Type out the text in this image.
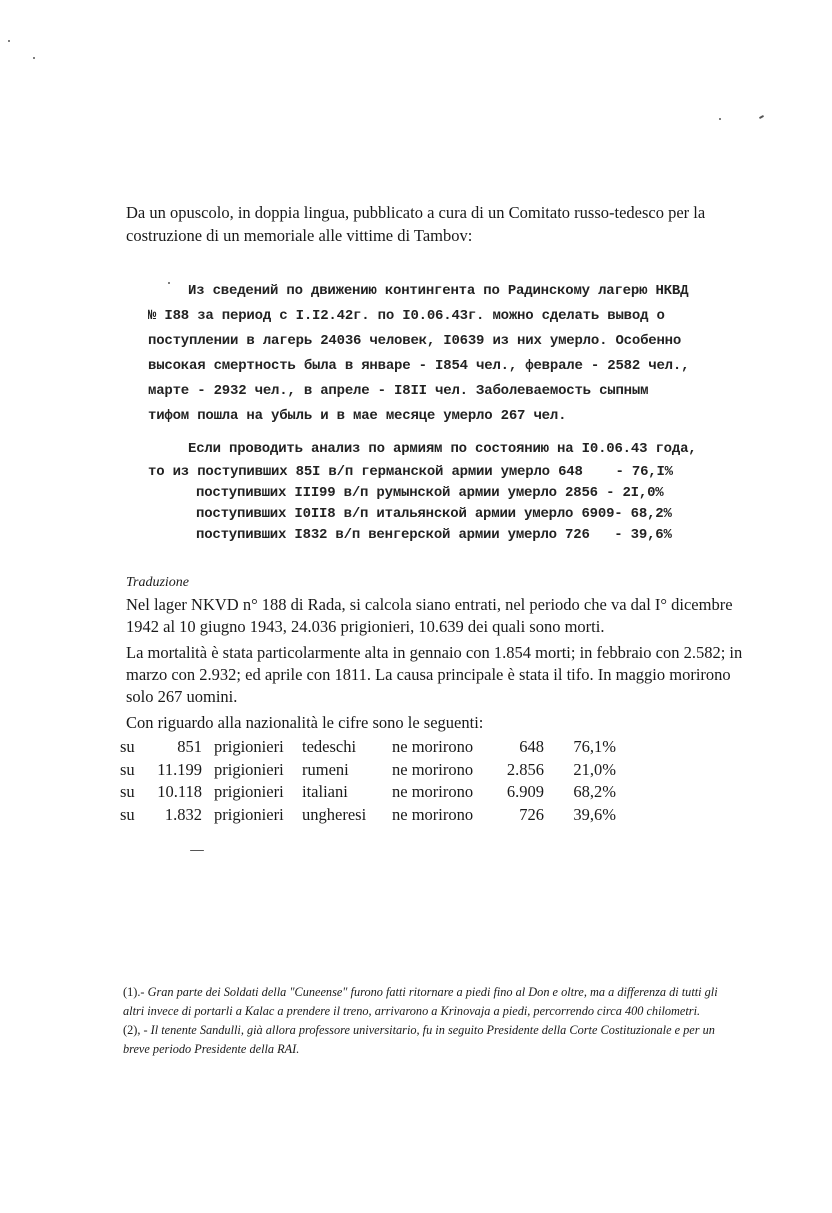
Da un opuscolo, in doppia lingua, pubblicato a cura di un Comitato russo-tedesco per la
costruzione di un memoriale alle vittime di Tambov:
Из сведений по движению контингента по Радинскому лагерю НКВД
№ I88 за период с I.I2.42г. по I0.06.43г. можно сделать вывод о
поступлении в лагерь 24036 человек, I0639 из них умерло. Особенно
высокая смертность была в январе - I854 чел., феврале - 2582 чел.,
марте - 2932 чел., в апреле - I8II чел. Заболеваемость сыпным
тифом пошла на убыль и в мае месяце умерло 267 чел.
Если проводить анализ по армиям по состоянию на I0.06.43 года,
то из поступивших 85I в/п германской армии умерло 648    - 76,I%
поступивших III99 в/п румынской армии умерло 2856 - 2I,0%
поступивших I0II8 в/п итальянской армии умерло 6909- 68,2%
поступивших I832 в/п венгерской армии умерло 726   - 39,6%
Traduzione

Nel lager NKVD n° 188 di Rada, si calcola siano entrati, nel periodo che va dal I° dicembre 1942 al 10 giugno 1943, 24.036 prigionieri, 10.639 dei quali sono morti.

La mortalità è stata particolarmente alta in gennaio con 1.854 morti; in febbraio con 2.582; in marzo con 2.932; ed aprile con 1811. La causa principale è stata il tifo. In maggio morirono solo 267 uomini.

Con riguardo alla nazionalità le cifre sono le seguenti:

su	851	prigionieri	tedeschi	ne morirono	648	76,1%
su	11.199	prigionieri	rumeni	ne morirono	2.856	21,0%
su	10.118	prigionieri	italiani	ne morirono	6.909	68,2%
su	1.832	prigionieri	ungheresi	ne morirono	726	39,6%

(1).- Gran parte dei Soldati della "Cuneense" furono fatti ritornare a piedi fino al Don e oltre, ma a differenza di tutti gli altri invece di portarli a Kalac a prendere il treno, arrivarono a Krinovaja a piedi, percorrendo circa 400 chilometri.

(2), - Il tenente Sandulli, già allora professore universitario, fu in seguito Presidente della Corte Costituzionale e per un breve periodo Presidente della RAI.
